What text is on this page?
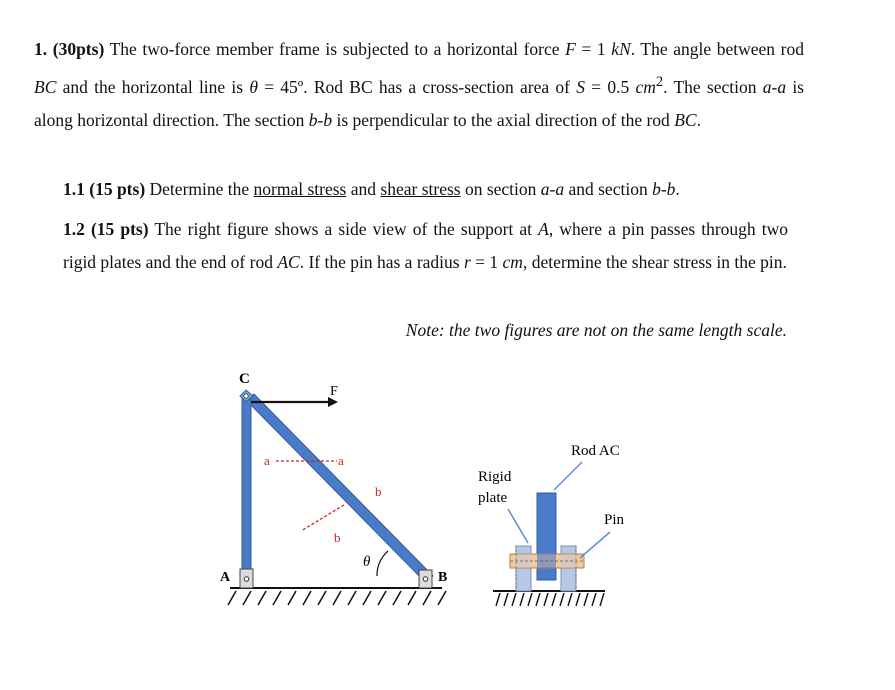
1. (30pts) The two-force member frame is subjected to a horizontal force F = 1 kN. The angle between rod BC and the horizontal line is θ = 45º. Rod BC has a cross-section area of S = 0.5 $cm^2$. The section a-a is along horizontal direction. The section b-b is perpendicular to the axial direction of the rod BC.
1.1 (15 pts) Determine the normal stress and shear stress on section a-a and section b-b.
1.2 (15 pts) The right figure shows a side view of the support at A, where a pin passes through two rigid plates and the end of rod AC. If the pin has a radius r = 1 cm, determine the shear stress in the pin.
Note: the two figures are not on the same length scale.
F
C
A	B
a	a
b
b
θ
Rod AC
Rigid
plate
Pin
